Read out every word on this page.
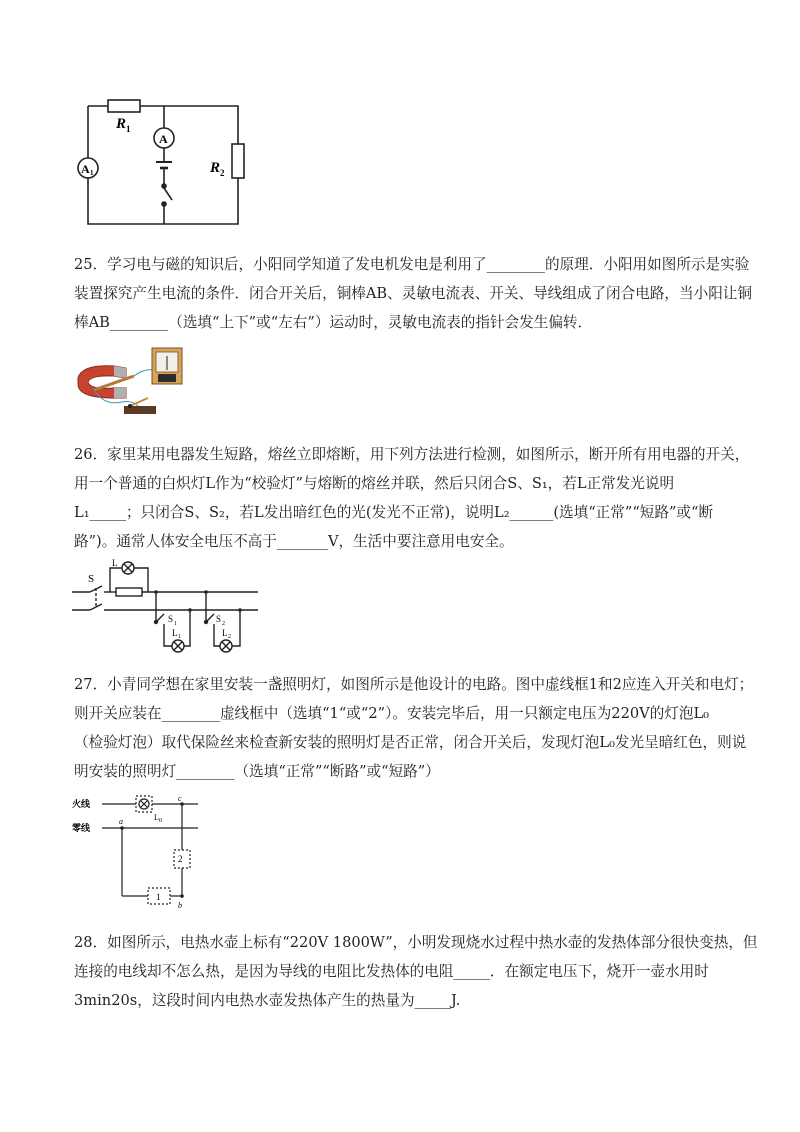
R 1
R 2
A
A 1

25．学习电与磁的知识后，小阳同学知道了发电机发电是利用了________的原理．小阳用如图所示是实验

装置探究产生电流的条件．闭合开关后，铜棒AB、灵敏电流表、开关、导线组成了闭合电路，当小阳让铜

棒AB________（选填“上下”或“左右”）运动时，灵敏电流表的指针会发生偏转．

26．家里某用电器发生短路，熔丝立即熔断，用下列方法进行检测，如图所示，断开所有用电器的开关，

用一个普通的白炽灯L作为“校验灯”与熔断的熔丝并联，然后只闭合S、S₁，若L正常发光说明

L₁_____；只闭合S、S₂，若L发出暗红色的光(发光不正常)，说明L₂______(选填“正常”“短路”或“断

路”)。通常人体安全电压不高于_______V，生活中要注意用电安全。

S
L
S 1
L 1
S 2
L 2

27．小青同学想在家里安装一盏照明灯，如图所示是他设计的电路。图中虚线框1和2应连入开关和电灯；

则开关应装在________虚线框中（选填“1“或“2”）。安装完毕后，用一只额定电压为220V的灯泡L₀

（检验灯泡）取代保险丝来检查新安装的照明灯是否正常，闭合开关后，发现灯泡L₀发光呈暗红色，则说

明安装的照明灯________（选填“正常”“断路”或“短路”）

火线
零线
2
1
L 0
a
c
b

28．如图所示，电热水壶上标有“220V 1800W”，小明发现烧水过程中热水壶的发热体部分很快变热，但

连接的电线却不怎么热，是因为导线的电阻比发热体的电阻_____．在额定电压下，烧开一壶水用时

3min20s，这段时间内电热水壶发热体产生的热量为_____J.
